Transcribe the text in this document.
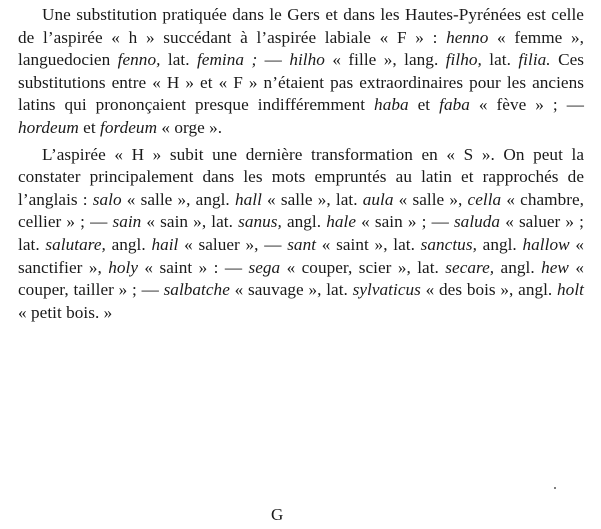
Une substitution pratiquée dans le Gers et dans les Hautes-Pyrénées est celle de l’aspirée « h » succédant à l’aspirée labiale « F » : henno « femme », languedocien fenno, lat. femina ; — hilho « fille », lang. filho, lat. filia. Ces substitutions entre « H » et « F » n’étaient pas extraordinaires pour les anciens latins qui prononçaient presque indifféremment haba et faba « fève » ; — hordeum et fordeum « orge ».

L’aspirée « H » subit une dernière transformation en « S ». On peut la constater principalement dans les mots empruntés au latin et rapprochés de l’anglais : salo « salle », angl. hall « salle », lat. aula « salle », cella « chambre, cellier » ; — sain « sain », lat. sanus, angl. hale « sain » ; — saluda « saluer » ; lat. salutare, angl. hail « saluer », — sant « saint », lat. sanctus, angl. hallow « sanctifier », holy « saint » : — sega « couper, scier », lat. secare, angl. hew « couper, tailler » ; — salbatche « sauvage », lat. sylvaticus « des bois », angl. holt « petit bois. »

G
